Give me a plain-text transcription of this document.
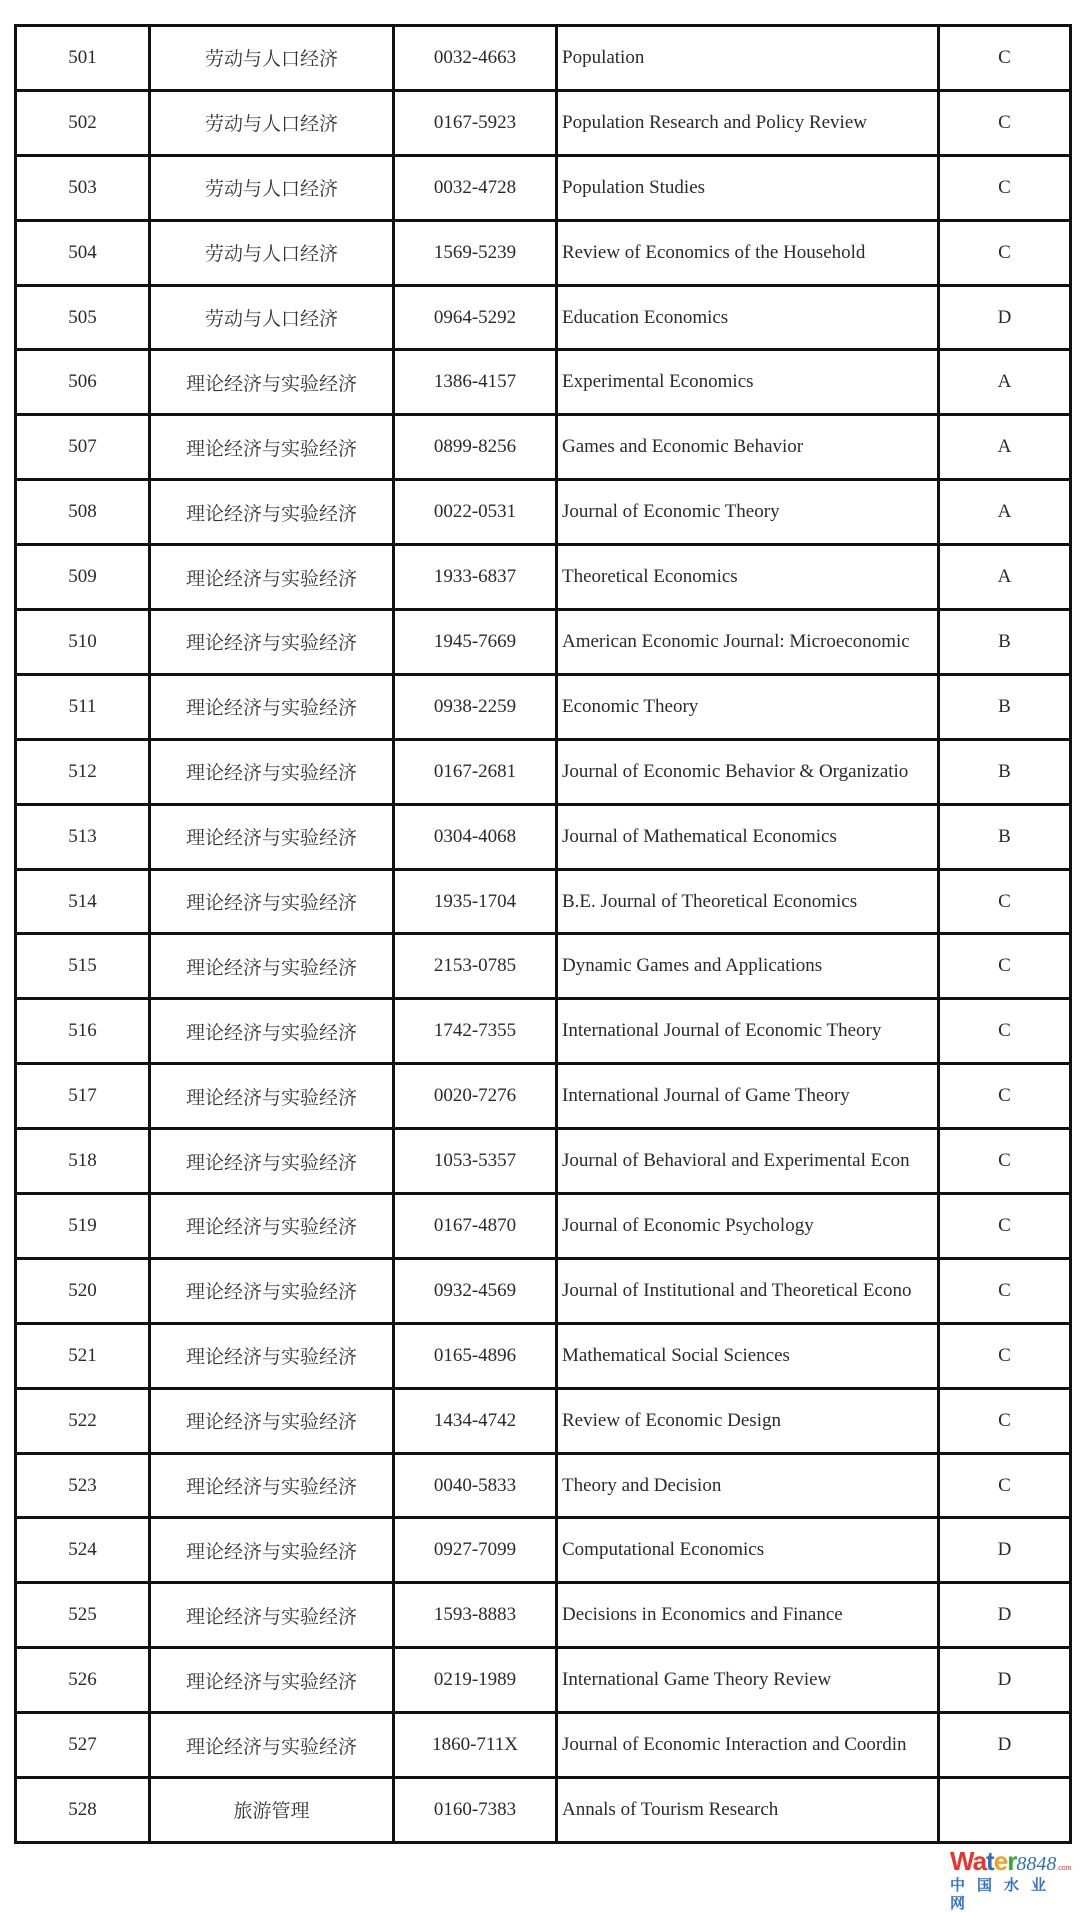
501	劳动与人口经济	0032-4663	Population	C
502	劳动与人口经济	0167-5923	Population Research and Policy Review	C
503	劳动与人口经济	0032-4728	Population Studies	C
504	劳动与人口经济	1569-5239	Review of Economics of the Household	C
505	劳动与人口经济	0964-5292	Education Economics	D
506	理论经济与实验经济	1386-4157	Experimental Economics	A
507	理论经济与实验经济	0899-8256	Games and Economic Behavior	A
508	理论经济与实验经济	0022-0531	Journal of Economic Theory	A
509	理论经济与实验经济	1933-6837	Theoretical Economics	A
510	理论经济与实验经济	1945-7669	American Economic Journal: Microeconomic	B
511	理论经济与实验经济	0938-2259	Economic Theory	B
512	理论经济与实验经济	0167-2681	Journal of Economic Behavior & Organizatio	B
513	理论经济与实验经济	0304-4068	Journal of Mathematical Economics	B
514	理论经济与实验经济	1935-1704	B.E. Journal of Theoretical Economics	C
515	理论经济与实验经济	2153-0785	Dynamic Games and Applications	C
516	理论经济与实验经济	1742-7355	International Journal of Economic Theory	C
517	理论经济与实验经济	0020-7276	International Journal of Game Theory	C
518	理论经济与实验经济	1053-5357	Journal of Behavioral and Experimental Econ	C
519	理论经济与实验经济	0167-4870	Journal of Economic Psychology	C
520	理论经济与实验经济	0932-4569	Journal of Institutional and Theoretical Econo	C
521	理论经济与实验经济	0165-4896	Mathematical Social Sciences	C
522	理论经济与实验经济	1434-4742	Review of Economic Design	C
523	理论经济与实验经济	0040-5833	Theory and Decision	C
524	理论经济与实验经济	0927-7099	Computational Economics	D
525	理论经济与实验经济	1593-8883	Decisions in Economics and Finance	D
526	理论经济与实验经济	0219-1989	International Game Theory Review	D
527	理论经济与实验经济	1860-711X	Journal of Economic Interaction and Coordin	D
528	旅游管理	0160-7383	Annals of Tourism Research	
Water8848.com
中国水业网
